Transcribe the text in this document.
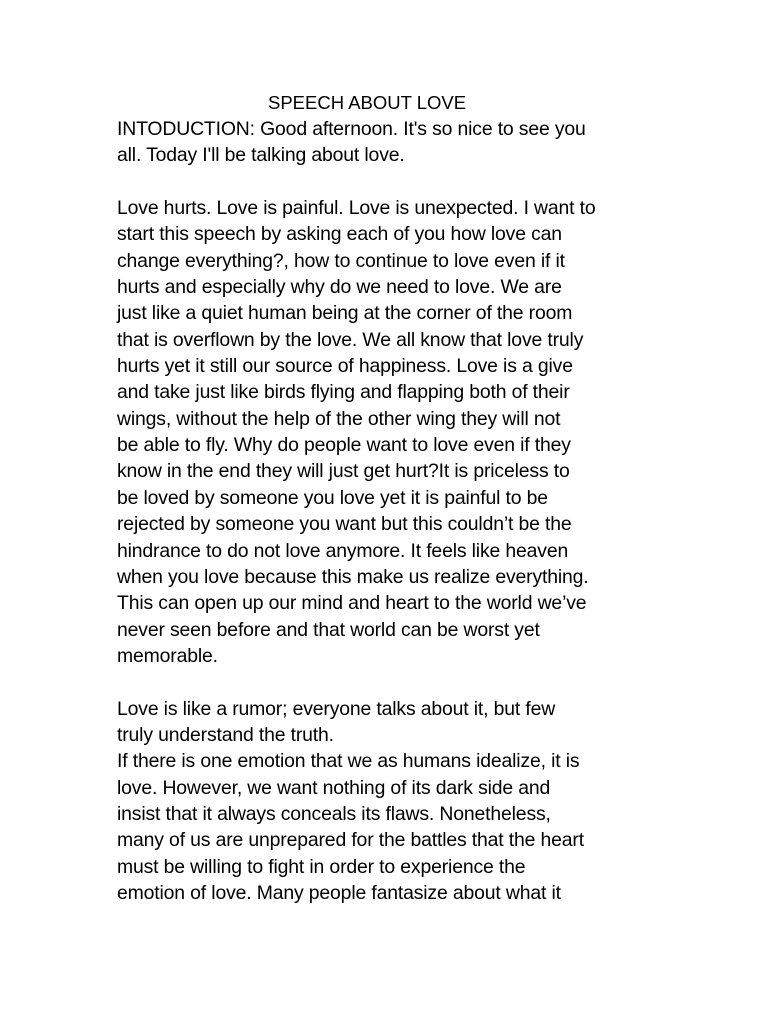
SPEECH ABOUT LOVE
INTODUCTION: Good afternoon. It's so nice to see you
all. Today I'll be talking about love.
Love hurts. Love is painful. Love is unexpected. I want to
start this speech by asking each of you how love can
change everything?, how to continue to love even if it
hurts and especially why do we need to love. We are
just like a quiet human being at the corner of the room
that is overflown by the love. We all know that love truly
hurts yet it still our source of happiness. Love is a give
and take just like birds flying and flapping both of their
wings, without the help of the other wing they will not
be able to fly. Why do people want to love even if they
know in the end they will just get hurt?It is priceless to
be loved by someone you love yet it is painful to be
rejected by someone you want but this couldn’t be the
hindrance to do not love anymore. It feels like heaven
when you love because this make us realize everything.
This can open up our mind and heart to the world we’ve
never seen before and that world can be worst yet
memorable.
Love is like a rumor; everyone talks about it, but few
truly understand the truth.
If there is one emotion that we as humans idealize, it is
love. However, we want nothing of its dark side and
insist that it always conceals its flaws. Nonetheless,
many of us are unprepared for the battles that the heart
must be willing to fight in order to experience the
emotion of love. Many people fantasize about what it
